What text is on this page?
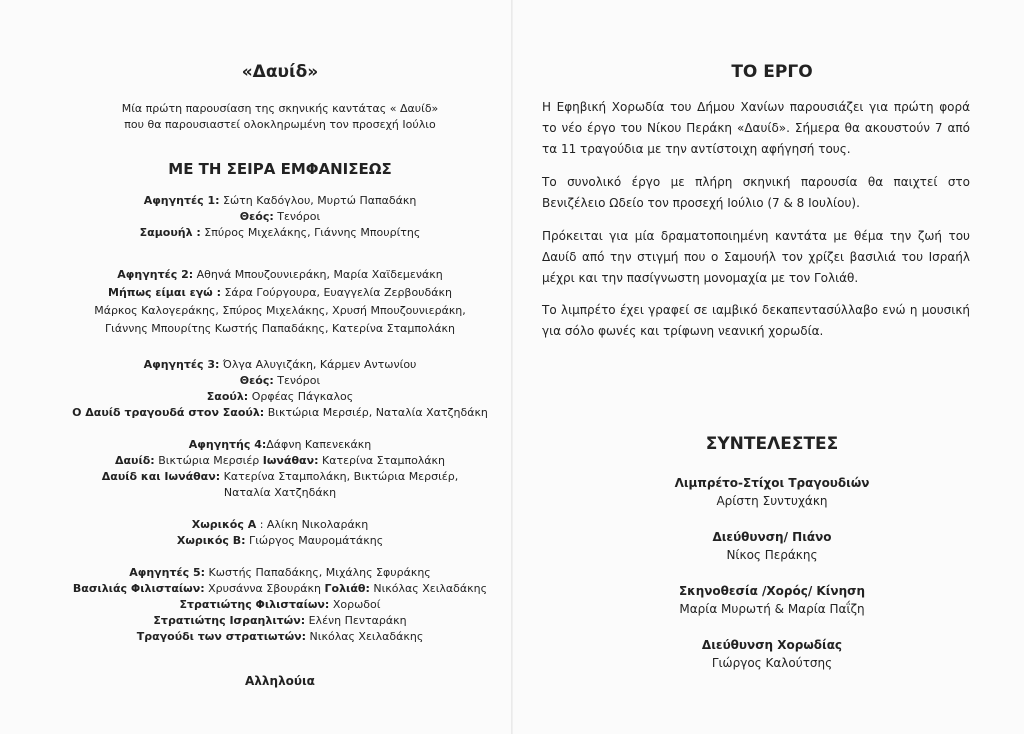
«Δαυίδ»
Μία πρώτη παρουσίαση της σκηνικής καντάτας « Δαυίδ»
που θα παρουσιαστεί ολοκληρωμένη τον προσεχή Ιούλιο
ΜΕ ΤΗ ΣΕΙΡΑ ΕΜΦΑΝΙΣΕΩΣ
Αφηγητές 1: Σώτη Καδόγλου, Μυρτώ Παπαδάκη
Θεός: Τενόροι
Σαμουήλ : Σπύρος Μιχελάκης, Γιάννης Μπουρίτης
Αφηγητές 2: Αθηνά Μπουζουνιεράκη, Μαρία Χαϊδεμενάκη
Μήπως είμαι εγώ : Σάρα Γούργουρα, Ευαγγελία Ζερβουδάκη
Μάρκος Καλογεράκης, Σπύρος Μιχελάκης, Χρυσή Μπουζουνιεράκη,
Γιάννης Μπουρίτης Κωστής Παπαδάκης, Κατερίνα Σταμπολάκη
Αφηγητές 3: Όλγα Αλυγιζάκη, Κάρμεν Αντωνίου
Θεός: Τενόροι
Σαούλ: Ορφέας Πάγκαλος
Ο Δαυίδ τραγουδά στον Σαούλ: Βικτώρια Μερσιέρ, Ναταλία Χατζηδάκη
Αφηγητής 4:Δάφνη Καπενεκάκη
Δαυίδ: Βικτώρια Μερσιέρ Ιωνάθαν: Κατερίνα Σταμπολάκη
Δαυίδ και Ιωνάθαν: Κατερίνα Σταμπολάκη, Βικτώρια Μερσιέρ,
Ναταλία Χατζηδάκη
Χωρικός Α : Αλίκη Νικολαράκη
Χωρικός Β: Γιώργος Μαυρομάτάκης
Αφηγητές 5: Κωστής Παπαδάκης, Μιχάλης Σφυράκης
Βασιλιάς Φιλισταίων: Χρυσάννα Σβουράκη Γολιάθ: Νικόλας Χειλαδάκης
Στρατιώτης Φιλισταίων: Χορωδοί
Στρατιώτης Ισραηλιτών: Ελένη Πενταράκη
Τραγούδι των στρατιωτών: Νικόλας Χειλαδάκης
Αλληλούια
ΤΟ ΕΡΓΟ
Η Εφηβική Χορωδία του Δήμου Χανίων παρουσιάζει για πρώτη φορά το νέο έργο του Νίκου Περάκη «Δαυίδ». Σήμερα θα ακουστούν 7 από τα 11 τραγούδια με την αντίστοιχη αφήγησή τους.
Το συνολικό έργο με πλήρη σκηνική παρουσία θα παιχτεί στο Βενιζέλειο Ωδείο τον προσεχή Ιούλιο (7 & 8 Ιουλίου).
Πρόκειται για μία δραματοποιημένη καντάτα με θέμα την ζωή του Δαυίδ από την στιγμή που ο Σαμουήλ τον χρίζει βασιλιά του Ισραήλ μέχρι και την πασίγνωστη μονομαχία με τον Γολιάθ.
Το λιμπρέτο έχει γραφεί σε ιαμβικό δεκαπεντασύλλαβο ενώ η μουσική για σόλο φωνές και τρίφωνη νεανική χορωδία.
ΣΥΝΤΕΛΕΣΤΕΣ
Λιμπρέτο-Στίχοι Τραγουδιών
Αρίστη Συντυχάκη
Διεύθυνση/ Πιάνο
Νίκος Περάκης
Σκηνοθεσία /Χορός/ Κίνηση
Μαρία Μυρωτή & Μαρία Παΐζη
Διεύθυνση Χορωδίας
Γιώργος Καλούτσης
